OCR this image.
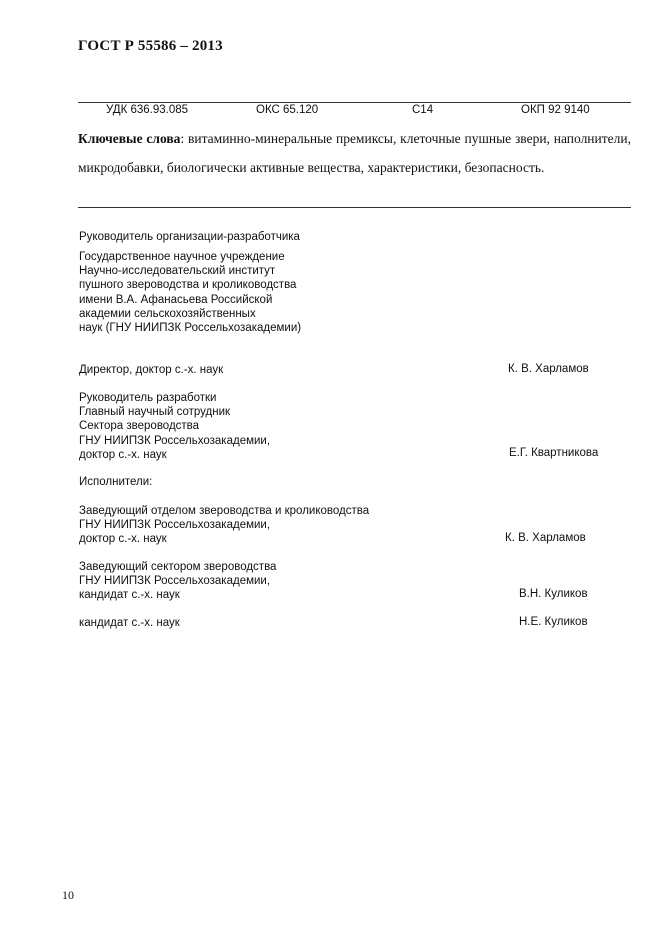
ГОСТ Р 55586 – 2013
УДК 636.93.085	ОКС 65.120	С14	ОКП 92 9140

Ключевые слова: витаминно-минеральные премиксы, клеточные пушные звери, наполнители, микродобавки, биологически активные вещества, характеристики, безопасность.

Руководитель организации-разработчика

Государственное научное учреждение
Научно-исследовательский институт
пушного звероводства и кролиководства
имени В.А. Афанасьева Российской
академии сельскохозяйственных
наук (ГНУ НИИПЗК Россельхозакадемии)

Директор, доктор с.-х. наук	К. В. Харламов

Руководитель разработки
Главный научный сотрудник
Сектора звероводства
ГНУ НИИПЗК Россельхозакадемии,
доктор с.-х. наук	Е.Г. Квартникова

Исполнители:

Заведующий отделом звероводства и кролиководства
ГНУ НИИПЗК Россельхозакадемии,
доктор с.-х. наук	К. В. Харламов

Заведующий сектором звероводства
ГНУ НИИПЗК Россельхозакадемии,
кандидат с.-х. наук	В.Н. Куликов

кандидат с.-х. наук	Н.Е. Куликов
10
